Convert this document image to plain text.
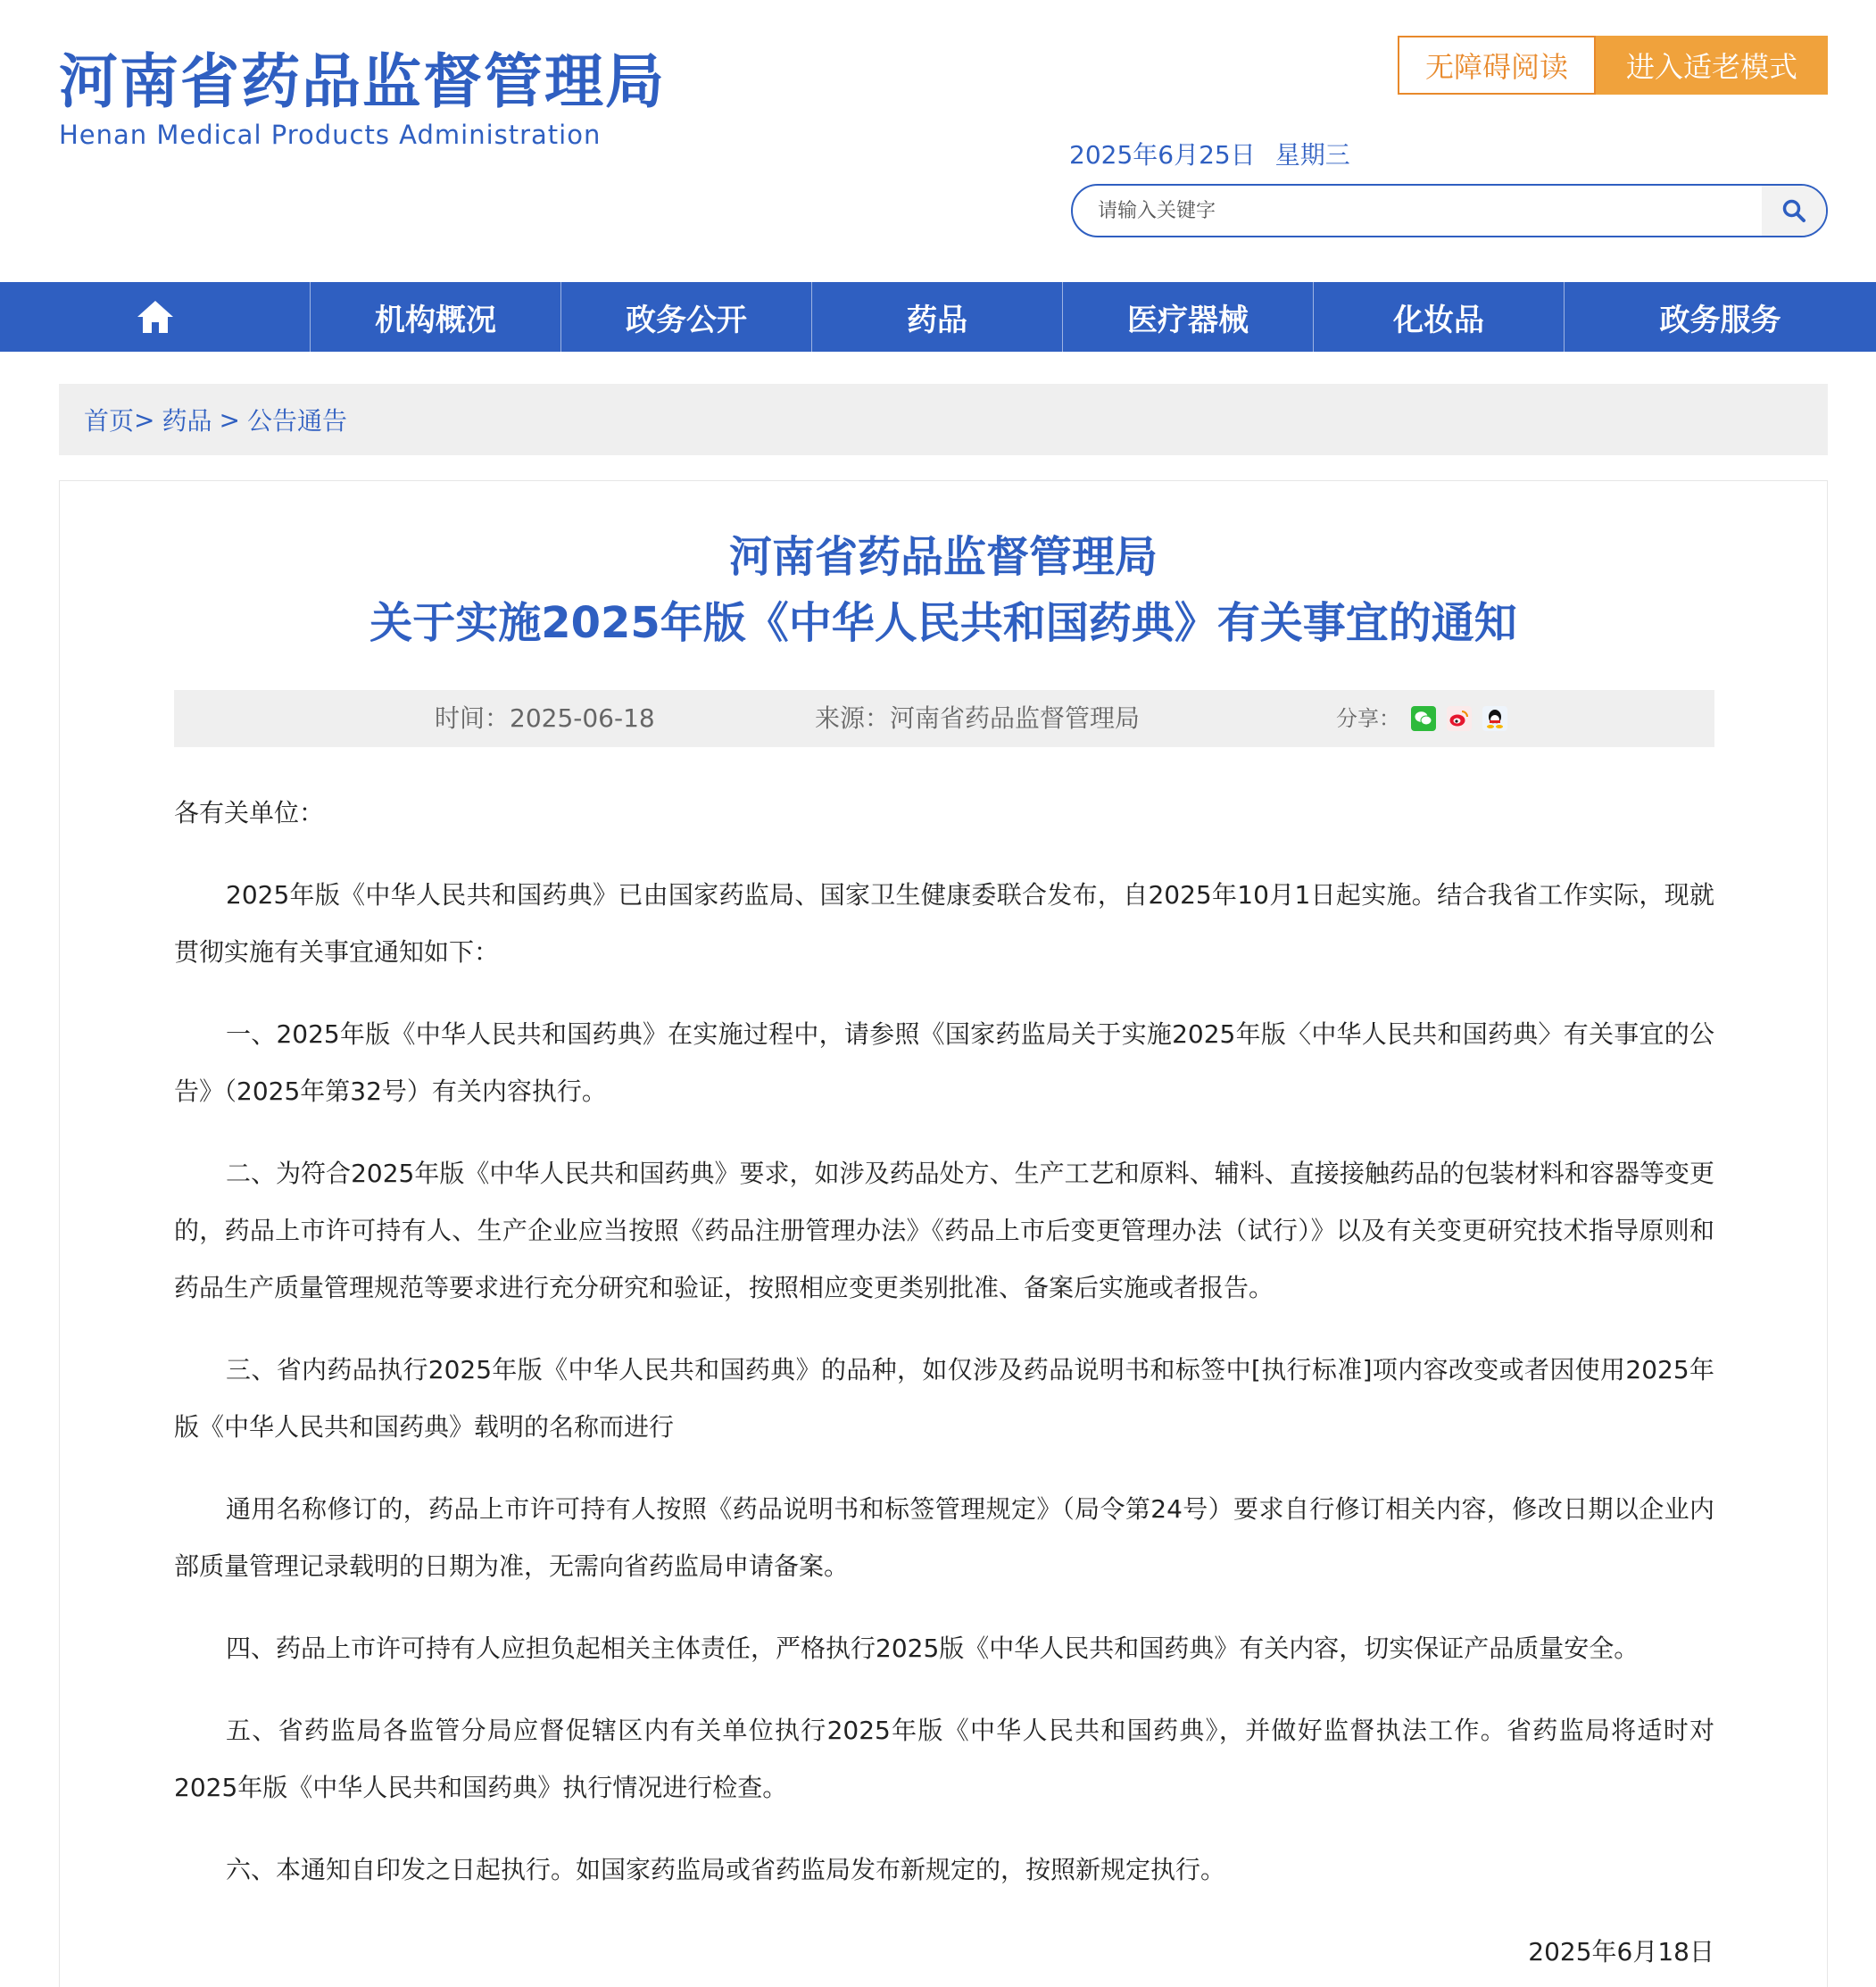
河南省药品监督管理局
Henan Medical Products Administration
无障碍阅读	进入适老模式
2025年6月25日 星期三
请输入关键字
机构概况	政务公开	药品	医疗器械	化妆品	政务服务
首页 > 药品 > 公告通告
河南省药品监督管理局
关于实施2025年版《中华人民共和国药典》有关事宜的通知
时间：2025-06-18	来源：河南省药品监督管理局	分享：

各有关单位：

2025年版《中华人民共和国药典》已由国家药监局、国家卫生健康委联合发布，自2025年10月1日起实施。结合我省工作实际，现就贯彻实施有关事宜通知如下：

一、2025年版《中华人民共和国药典》在实施过程中，请参照《国家药监局关于实施2025年版〈中华人民共和国药典〉有关事宜的公告》（2025年第32号）有关内容执行。

二、为符合2025年版《中华人民共和国药典》要求，如涉及药品处方、生产工艺和原料、辅料、直接接触药品的包装材料和容器等变更的，药品上市许可持有人、生产企业应当按照《药品注册管理办法》《药品上市后变更管理办法（试行）》以及有关变更研究技术指导原则和药品生产质量管理规范等要求进行充分研究和验证，按照相应变更类别批准、备案后实施或者报告。

三、省内药品执行2025年版《中华人民共和国药典》的品种，如仅涉及药品说明书和标签中[执行标准]项内容改变或者因使用2025年版《中华人民共和国药典》载明的名称而进行

通用名称修订的，药品上市许可持有人按照《药品说明书和标签管理规定》（局令第24号）要求自行修订相关内容，修改日期以企业内部质量管理记录载明的日期为准，无需向省药监局申请备案。

四、药品上市许可持有人应担负起相关主体责任，严格执行2025版《中华人民共和国药典》有关内容，切实保证产品质量安全。

五、省药监局各监管分局应督促辖区内有关单位执行2025年版《中华人民共和国药典》，并做好监督执法工作。省药监局将适时对2025年版《中华人民共和国药典》执行情况进行检查。

六、本通知自印发之日起执行。如国家药监局或省药监局发布新规定的，按照新规定执行。

2025年6月18日
